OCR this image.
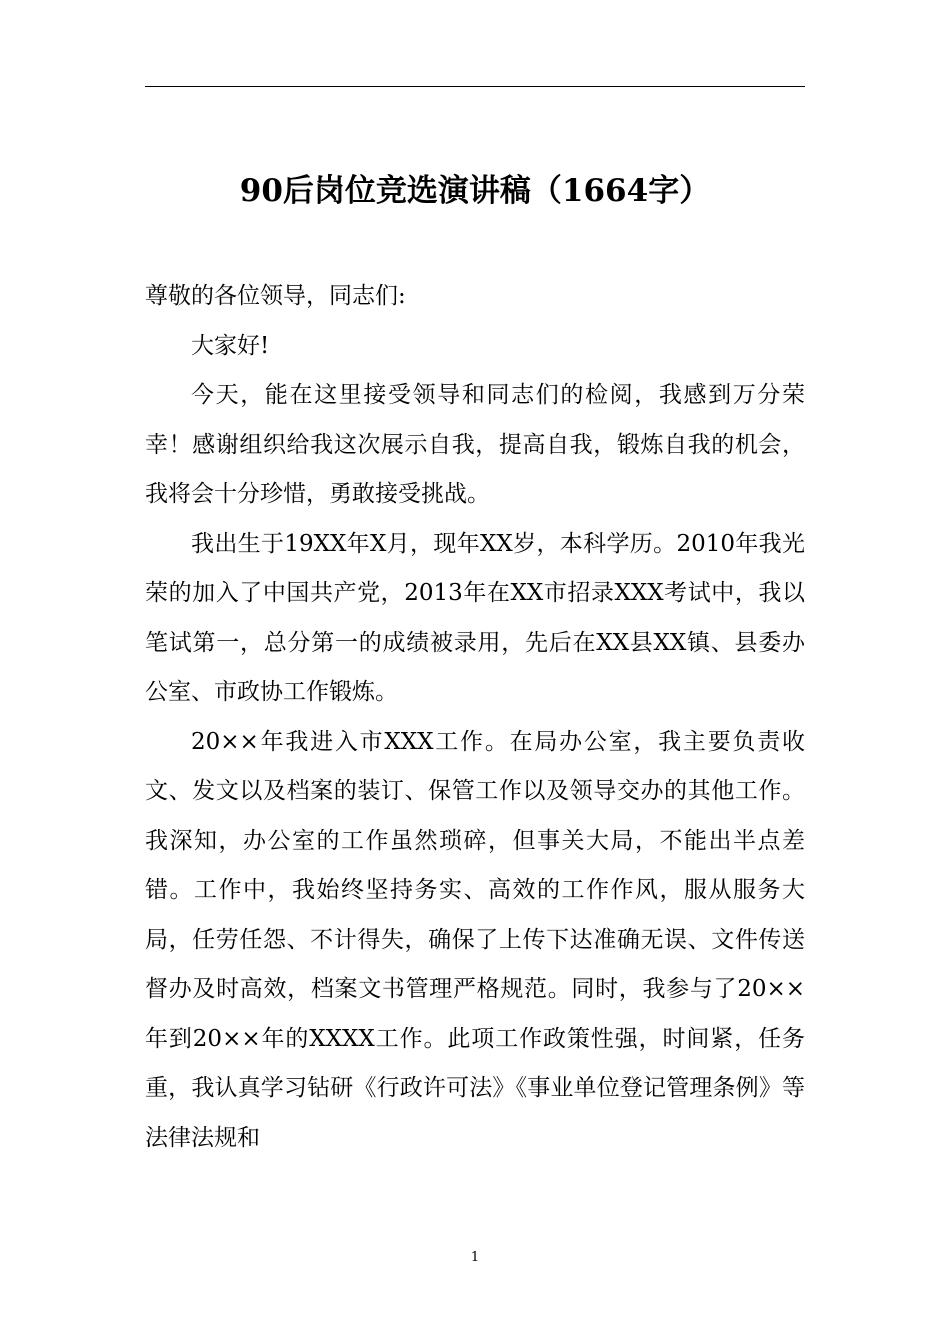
90后岗位竞选演讲稿（1664字）

尊敬的各位领导，同志们:

大家好!

今天，能在这里接受领导和同志们的检阅，我感到万分荣幸！感谢组织给我这次展示自我，提高自我，锻炼自我的机会，我将会十分珍惜，勇敢接受挑战。

我出生于19XX年X月，现年XX岁，本科学历。2010年我光荣的加入了中国共产党，2013年在XX市招录XXX考试中，我以笔试第一，总分第一的成绩被录用，先后在XX县XX镇、县委办公室、市政协工作锻炼。

20××年我进入市XXX工作。在局办公室，我主要负责收文、发文以及档案的装订、保管工作以及领导交办的其他工作。我深知，办公室的工作虽然琐碎，但事关大局，不能出半点差错。工作中，我始终坚持务实、高效的工作作风，服从服务大局，任劳任怨、不计得失，确保了上传下达准确无误、文件传送督办及时高效，档案文书管理严格规范。同时，我参与了20××年到20××年的XXXX工作。此项工作政策性强，时间紧，任务重，我认真学习钻研《行政许可法》《事业单位登记管理条例》等法律法规和

1
